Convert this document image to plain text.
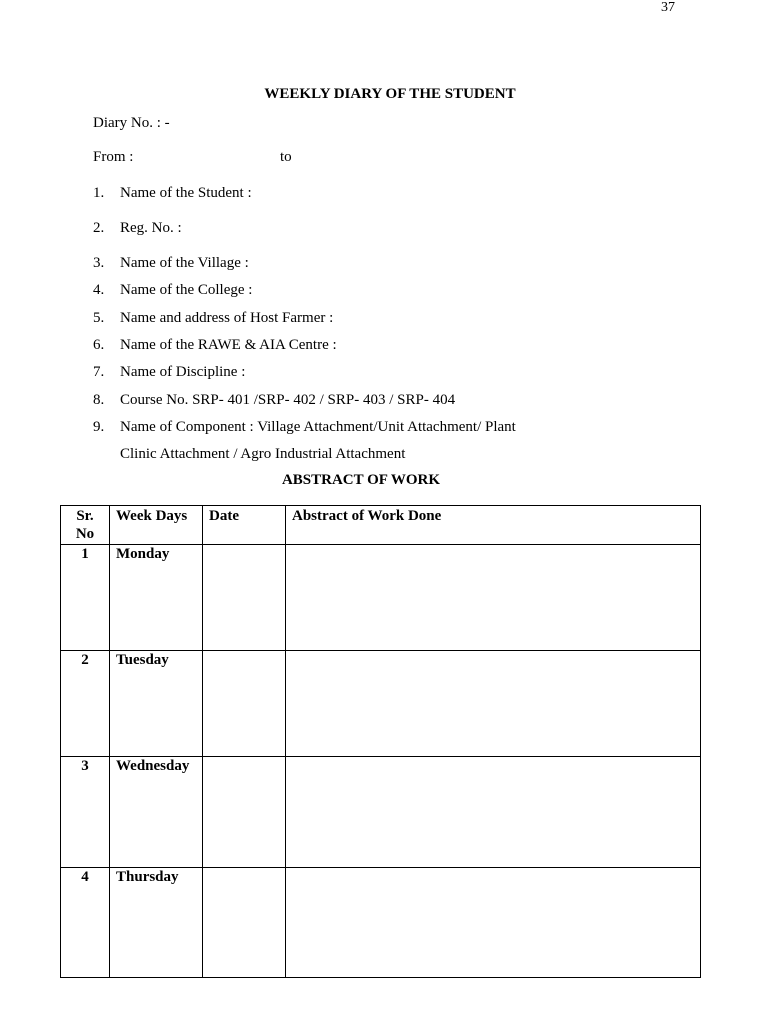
37
WEEKLY DIARY OF THE STUDENT
Diary No. : -
From :	to
1. Name of the Student :
2. Reg. No. :
3. Name of the Village :
4. Name of the College :
5. Name and address of Host Farmer :
6. Name of the RAWE & AIA Centre :
7. Name of Discipline :
8. Course No. SRP- 401 /SRP- 402 / SRP- 403 / SRP- 404
9. Name of Component : Village Attachment/Unit Attachment/ Plant
Clinic Attachment / Agro Industrial Attachment
ABSTRACT OF WORK
Sr. No	Week Days	Date	Abstract of Work Done
1	Monday		
2	Tuesday		
3	Wednesday		
4	Thursday		
